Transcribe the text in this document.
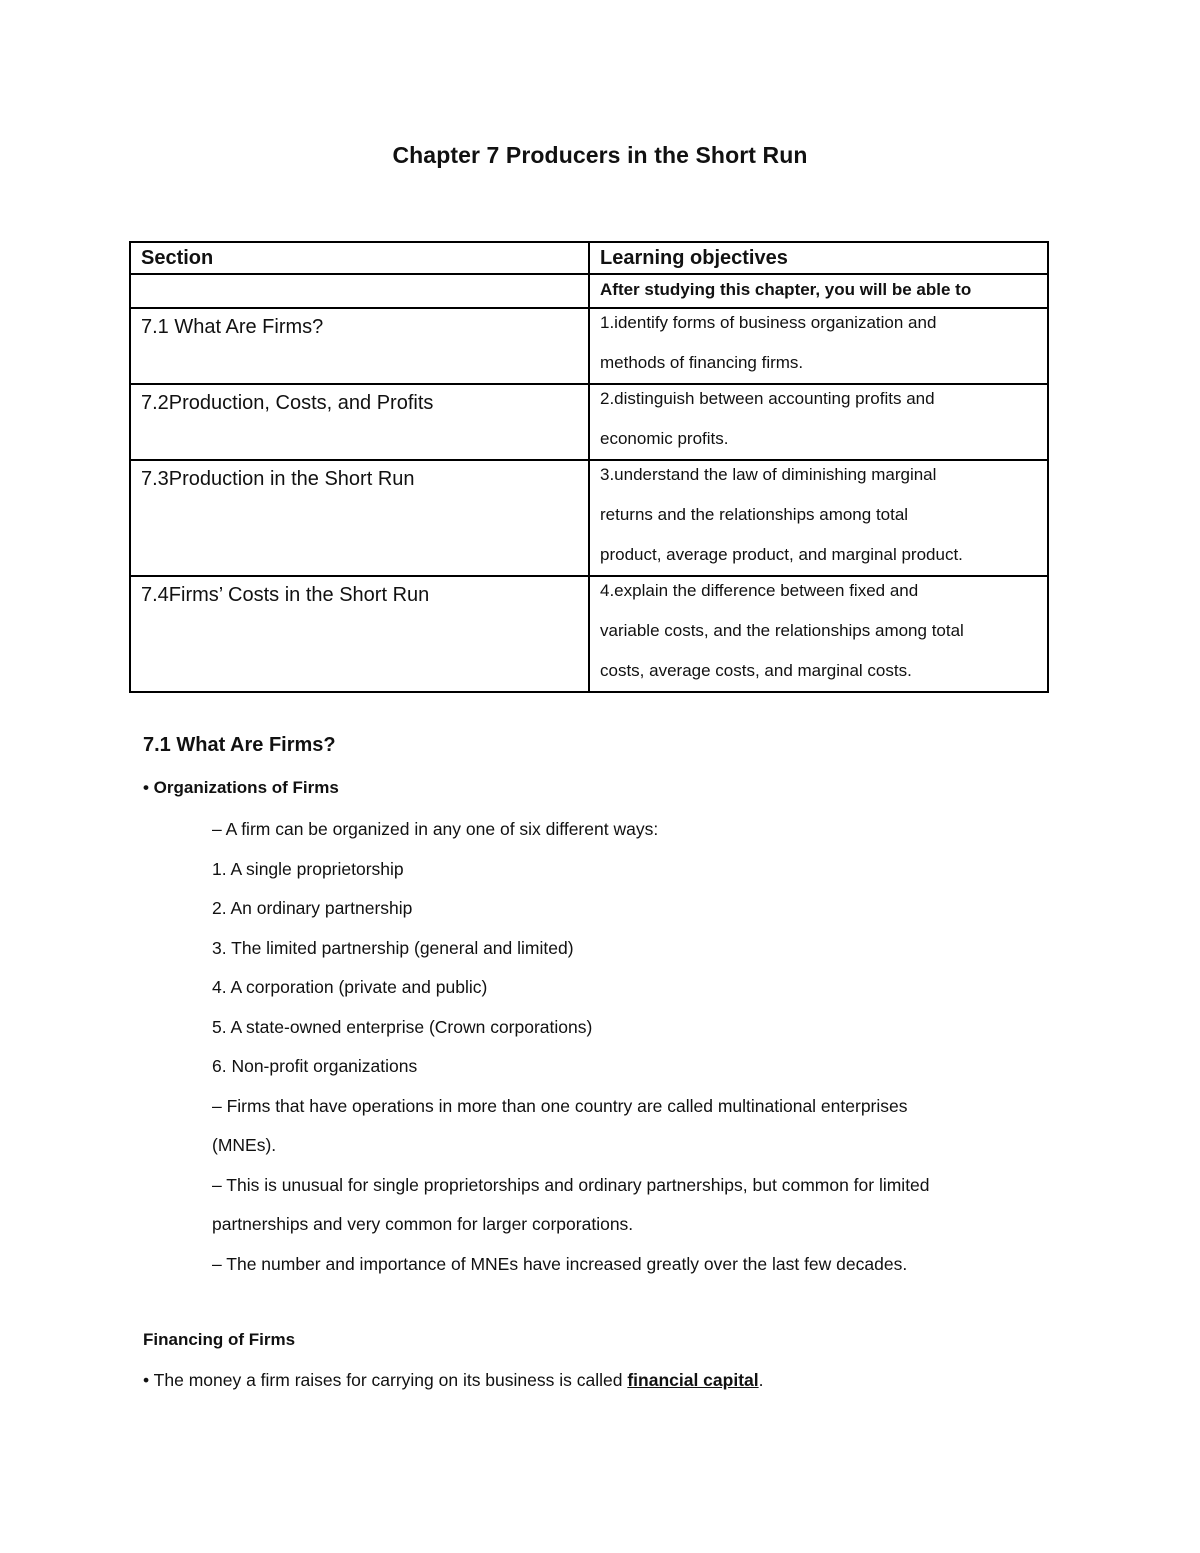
Chapter 7 Producers in the Short Run
Section	Learning objectives
	After studying this chapter, you will be able to
7.1 What Are Firms?	1.identify forms of business organization and
methods of financing firms.

7.2Production, Costs, and Profits	2.distinguish between accounting profits and
economic profits.

7.3Production in the Short Run	3.understand the law of diminishing marginal
returns and the relationships among total
product, average product, and marginal product.

7.4Firms’ Costs in the Short Run	4.explain the difference between fixed and
variable costs, and the relationships among total
costs, average costs, and marginal costs.
7.1 What Are Firms?
• Organizations of Firms
– A firm can be organized in any one of six different ways:
1. A single proprietorship
2. An ordinary partnership
3. The limited partnership (general and limited)
4. A corporation (private and public)
5. A state-owned enterprise (Crown corporations)
6. Non-profit organizations
– Firms that have operations in more than one country are called multinational enterprises
(MNEs).
– This is unusual for single proprietorships and ordinary partnerships, but common for limited
partnerships and very common for larger corporations.
– The number and importance of MNEs have increased greatly over the last few decades.
Financing of Firms
• The money a firm raises for carrying on its business is called financial capital.
